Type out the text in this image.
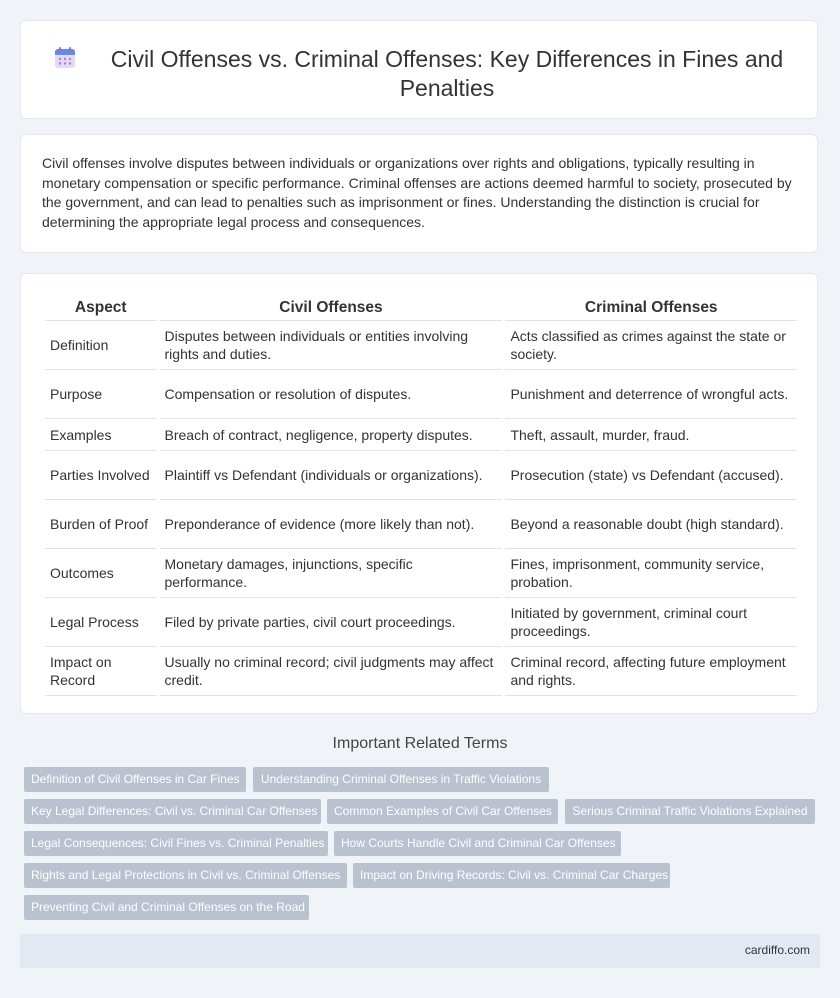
Civil Offenses vs. Criminal Offenses: Key Differences in Fines and Penalties

Civil offenses involve disputes between individuals or organizations over rights and obligations, typically resulting in monetary compensation or specific performance. Criminal offenses are actions deemed harmful to society, prosecuted by the government, and can lead to penalties such as imprisonment or fines. Understanding the distinction is crucial for determining the appropriate legal process and consequences.

Aspect	Civil Offenses	Criminal Offenses
Definition	Disputes between individuals or entities involving rights and duties.	Acts classified as crimes against the state or society.
Purpose	Compensation or resolution of disputes.	Punishment and deterrence of wrongful acts.
Examples	Breach of contract, negligence, property disputes.	Theft, assault, murder, fraud.
Parties Involved	Plaintiff vs Defendant (individuals or organizations).	Prosecution (state) vs Defendant (accused).
Burden of Proof	Preponderance of evidence (more likely than not).	Beyond a reasonable doubt (high standard).
Outcomes	Monetary damages, injunctions, specific performance.	Fines, imprisonment, community service, probation.
Legal Process	Filed by private parties, civil court proceedings.	Initiated by government, criminal court proceedings.
Impact on Record	Usually no criminal record; civil judgments may affect credit.	Criminal record, affecting future employment and rights.
Important Related Terms
Definition of Civil Offenses in Car Fines	Understanding Criminal Offenses in Traffic Violations
Key Legal Differences: Civil vs. Criminal Car Offenses	Common Examples of Civil Car Offenses	Serious Criminal Traffic Violations Explained
Legal Consequences: Civil Fines vs. Criminal Penalties	How Courts Handle Civil and Criminal Car Offenses
Rights and Legal Protections in Civil vs. Criminal Offenses	Impact on Driving Records: Civil vs. Criminal Car Charges
Preventing Civil and Criminal Offenses on the Road
cardiffo.com
